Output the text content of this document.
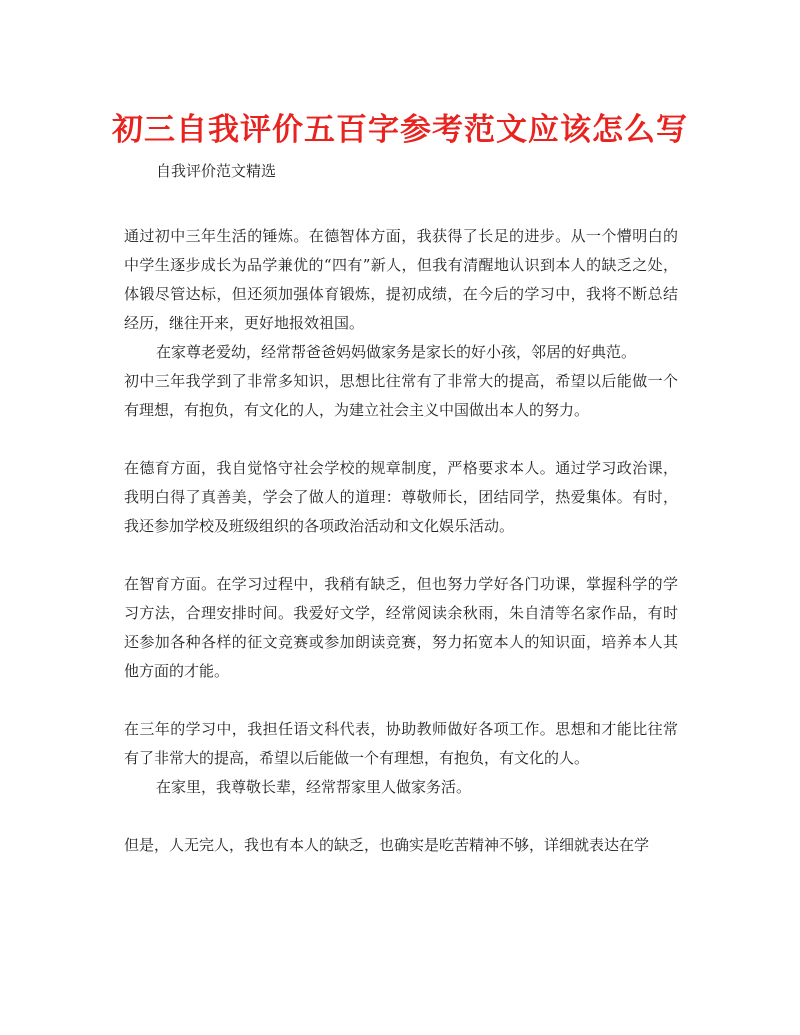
初三自我评价五百字参考范文应该怎么写
自我评价范文精选

通过初中三年生活的锤炼。在德智体方面，我获得了长足的进步。从一个懵明白的中学生逐步成长为品学兼优的“四有”新人，但我有清醒地认识到本人的缺乏之处，体锻尽管达标，但还须加强体育锻炼，提初成绩，在今后的学习中，我将不断总结经历，继往开来，更好地报效祖国。

在家尊老爱幼，经常帮爸爸妈妈做家务是家长的好小孩，邻居的好典范。

初中三年我学到了非常多知识，思想比往常有了非常大的提高，希望以后能做一个有理想，有抱负，有文化的人，为建立社会主义中国做出本人的努力。

在德育方面，我自觉恪守社会学校的规章制度，严格要求本人。通过学习政治课，我明白得了真善美，学会了做人的道理：尊敬师长，团结同学，热爱集体。有时，我还参加学校及班级组织的各项政治活动和文化娱乐活动。

在智育方面。在学习过程中，我稍有缺乏，但也努力学好各门功课，掌握科学的学习方法，合理安排时间。我爱好文学，经常阅读余秋雨，朱自清等名家作品，有时还参加各种各样的征文竞赛或参加朗读竞赛，努力拓宽本人的知识面，培养本人其他方面的才能。

在三年的学习中，我担任语文科代表，协助教师做好各项工作。思想和才能比往常有了非常大的提高，希望以后能做一个有理想，有抱负，有文化的人。

在家里，我尊敬长辈，经常帮家里人做家务活。

但是，人无完人，我也有本人的缺乏，也确实是吃苦精神不够，详细就表达在学
